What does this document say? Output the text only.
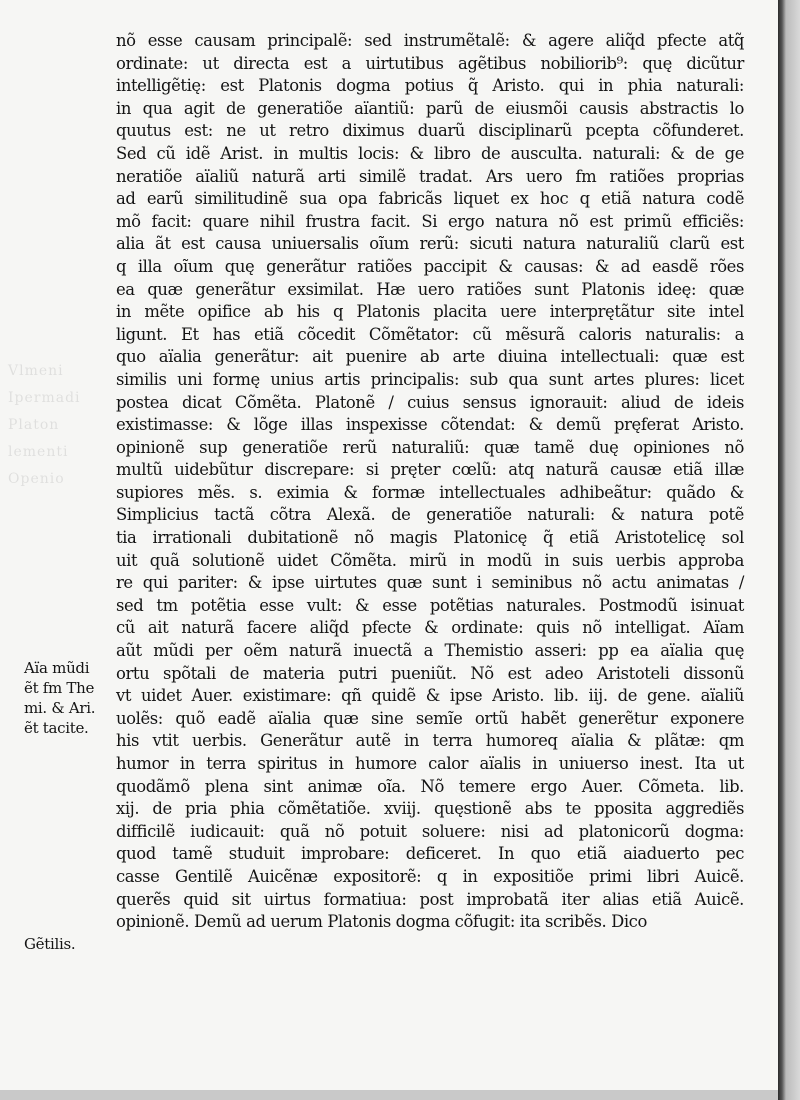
Vlmeni
Ipermadi
Platon
lementi
Openio
nõ esse causam principalẽ: sed instrumẽtalẽ: & agere aliq̃d pfecte atq̃
ordinate: ut directa est a uirtutibus agẽtibus nobiliorib⁹: quę dicũtur
intelligẽtię: est Platonis dogma potius q̃ Aristo. qui in phia naturali:
in qua agit de generatiõe aïantiũ: parũ de eiusmõi causis abstractis lo
quutus est: ne ut retro diximus duarũ disciplinarũ pcepta cõfunderet.
Sed cũ idẽ Arist. in multis locis: & libro de ausculta. naturali: & de ge
neratiõe aïaliũ naturã arti similẽ tradat. Ars uero fm ratiões proprias
ad earũ similitudinẽ sua opa fabricãs liquet ex hoc q etiã natura codẽ
mõ facit: quare nihil frustra facit. Si ergo natura nõ est primũ efficiẽs:
alia ãt est causa uniuersalis oĩum rerũ: sicuti natura naturaliũ clarũ est
q illa oĩum quę generãtur ratiões paccipit & causas: & ad easdẽ rões
ea quæ generãtur exsimilat. Hæ uero ratiões sunt Platonis ideę: quæ
in mẽte opifice ab his q Platonis placita uere interprętãtur site intel
ligunt. Et has etiã cõcedit Cõmẽtator: cũ mẽsurã caloris naturalis: a
quo aïalia generãtur: ait puenire ab arte diuina intellectuali: quæ est
similis uni formę unius artis principalis: sub qua sunt artes plures: licet
postea dicat Cõmẽta. Platonẽ / cuius sensus ignorauit: aliud de ideis
existimasse: & lõge illas inspexisse cõtendat: & demũ pręferat Aristo.
opinionẽ sup generatiõe rerũ naturaliũ: quæ tamẽ duę opiniones nõ
multũ uidebũtur discrepare: si pręter cœlũ: atq naturã causæ etiã illæ
supiores mẽs. s. eximia & formæ intellectuales adhibeãtur: quãdo &
Simplicius tactã cõtra Alexã. de generatiõe naturali: & natura potẽ
tia irrationali dubitationẽ nõ magis Platonicę q̃ etiã Aristotelicę sol
uit quã solutionẽ uidet Cõmẽta. mirũ in modũ in suis uerbis approba
re qui pariter: & ipse uirtutes quæ sunt i seminibus nõ actu animatas /
sed tm potẽtia esse vult: & esse potẽtias naturales. Postmodũ isinuat
cũ ait naturã facere aliq̃d pfecte & ordinate: quis nõ intelligat. Aïam
aũt mũdi per oẽm naturã inuectã a Themistio asseri: pp ea aïalia quę
ortu spõtali de materia putri pueniũt. Nõ est adeo Aristoteli dissonũ
vt uidet Auer. existimare: qñ quidẽ & ipse Aristo. lib. iij. de gene. aïaliũ
uolẽs: quõ eadẽ aïalia quæ sine semĩe ortũ habẽt generẽtur exponere
his vtit uerbis. Generãtur autẽ in terra humoreq aïalia & plãtæ: qm
humor in terra spiritus in humore calor aïalis in uniuerso inest. Ita ut
quodãmõ plena sint animæ oĩa. Nõ temere ergo Auer. Cõmeta. lib.
xij. de pria phia cõmẽtatiõe. xviij. quęstionẽ abs te pposita aggrediẽs
difficilẽ iudicauit: quã nõ potuit soluere: nisi ad platonicorũ dogma:
quod tamẽ studuit improbare: deficeret. In quo etiã aiaduerto pec
casse Gentilẽ Auicẽnæ expositorẽ: q in expositiõe primi libri Auicẽ.
querẽs quid sit uirtus formatiua: post improbatã iter alias etiã Auicẽ.
opinionẽ. Demũ ad uerum Platonis dogma cõfugit: ita scribẽs. Dico
Aïa mũdi
ẽt fm The
mi. & Ari.
ẽt tacite.
Gẽtilis.
